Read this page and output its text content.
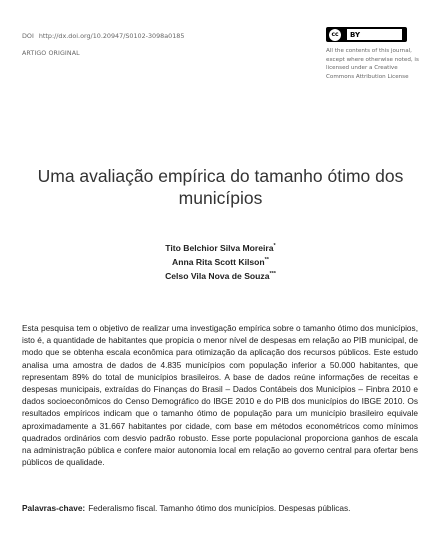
DOI http://dx.doi.org/10.20947/S0102-3098a0185
ARTIGO ORIGINAL
cc	BY
All the contents of this journal, except where otherwise noted, is licensed under a Creative Commons Attribution License
Uma avaliação empírica do tamanho ótimo dos municípios
Tito Belchior Silva Moreira*
Anna Rita Scott Kilson**
Celso Vila Nova de Souza***

Esta pesquisa tem o objetivo de realizar uma investigação empírica sobre o tamanho ótimo dos municípios, isto é, a quantidade de habitantes que propicia o menor nível de despesas em relação ao PIB municipal, de modo que se obtenha escala econômica para otimização da aplicação dos recursos públicos. Este estudo analisa uma amostra de dados de 4.835 municípios com população inferior a 50.000 habitantes, que representam 89% do total de municípios brasileiros. A base de dados reúne informações de receitas e despesas municipais, extraídas do Finanças do Brasil – Dados Contábeis dos Municípios – Finbra 2010 e dados socioeconômicos do Censo Demográfico do IBGE 2010 e do PIB dos municípios do IBGE 2010. Os resultados empíricos indicam que o tamanho ótimo de população para um município brasileiro equivale aproximadamente a 31.667 habitantes por cidade, com base em métodos econométricos como mínimos quadrados ordinários com desvio padrão robusto. Esse porte populacional proporciona ganhos de escala na administração pública e confere maior autonomia local em relação ao governo central para ofertar bens públicos de qualidade.

Palavras-chave: Federalismo fiscal. Tamanho ótimo dos municípios. Despesas públicas.
